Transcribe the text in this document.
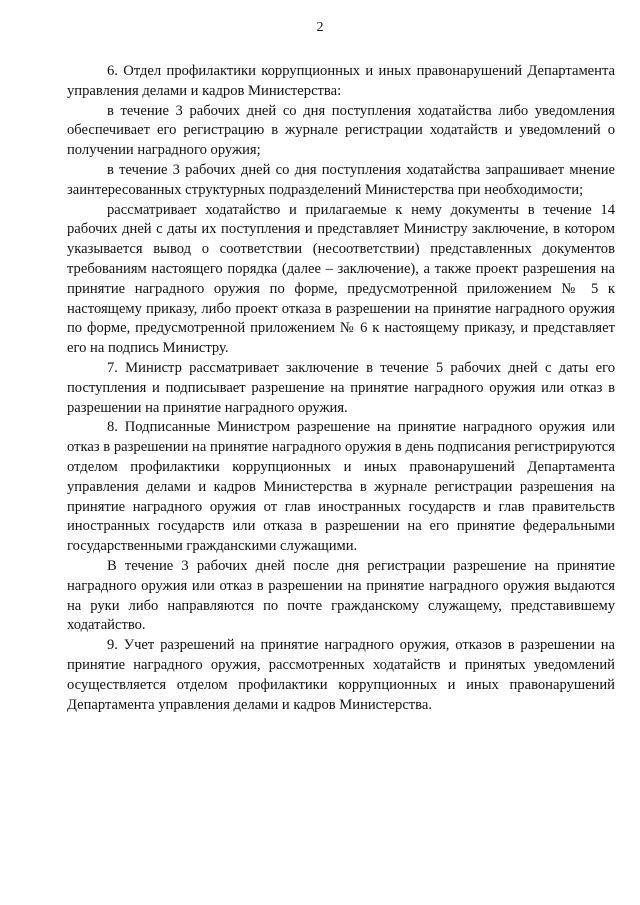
2

6. Отдел профилактики коррупционных и иных правонарушений Департамента управления делами и кадров Министерства:

в течение 3 рабочих дней со дня поступления ходатайства либо уведомления обеспечивает его регистрацию в журнале регистрации ходатайств и уведомлений о получении наградного оружия;

в течение 3 рабочих дней со дня поступления ходатайства запрашивает мнение заинтересованных структурных подразделений Министерства при необходимости;

рассматривает ходатайство и прилагаемые к нему документы в течение 14 рабочих дней с даты их поступления и представляет Министру заключение, в котором указывается вывод о соответствии (несоответствии) представленных документов требованиям настоящего порядка (далее – заключение), а также проект разрешения на принятие наградного оружия по форме, предусмотренной приложением № 5 к настоящему приказу, либо проект отказа в разрешении на принятие наградного оружия по форме, предусмотренной приложением № 6 к настоящему приказу, и представляет его на подпись Министру.

7. Министр рассматривает заключение в течение 5 рабочих дней с даты его поступления и подписывает разрешение на принятие наградного оружия или отказ в разрешении на принятие наградного оружия.

8. Подписанные Министром разрешение на принятие наградного оружия или отказ в разрешении на принятие наградного оружия в день подписания регистрируются отделом профилактики коррупционных и иных правонарушений Департамента управления делами и кадров Министерства в журнале регистрации разрешения на принятие наградного оружия от глав иностранных государств и глав правительств иностранных государств или отказа в разрешении на его принятие федеральными государственными гражданскими служащими.

В течение 3 рабочих дней после дня регистрации разрешение на принятие наградного оружия или отказ в разрешении на принятие наградного оружия выдаются на руки либо направляются по почте гражданскому служащему, представившему ходатайство.

9. Учет разрешений на принятие наградного оружия, отказов в разрешении на принятие наградного оружия, рассмотренных ходатайств и принятых уведомлений осуществляется отделом профилактики коррупционных и иных правонарушений Департамента управления делами и кадров Министерства.
